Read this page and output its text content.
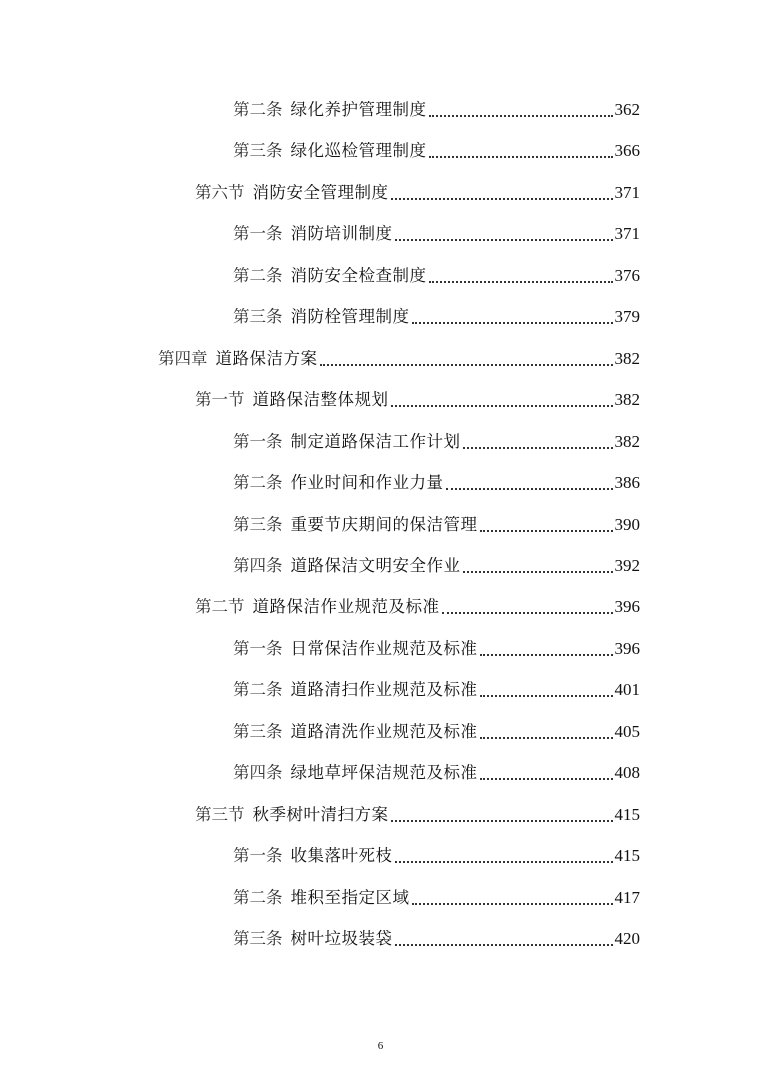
第二条 绿化养护管理制度	362
第三条 绿化巡检管理制度	366
第六节 消防安全管理制度	371
第一条 消防培训制度	371
第二条 消防安全检查制度	376
第三条 消防栓管理制度	379
第四章 道路保洁方案	382
第一节 道路保洁整体规划	382
第一条 制定道路保洁工作计划	382
第二条 作业时间和作业力量	386
第三条 重要节庆期间的保洁管理	390
第四条 道路保洁文明安全作业	392
第二节 道路保洁作业规范及标准	396
第一条 日常保洁作业规范及标准	396
第二条 道路清扫作业规范及标准	401
第三条 道路清洗作业规范及标准	405
第四条 绿地草坪保洁规范及标准	408
第三节 秋季树叶清扫方案	415
第一条 收集落叶死枝	415
第二条 堆积至指定区域	417
第三条 树叶垃圾装袋	420
6
